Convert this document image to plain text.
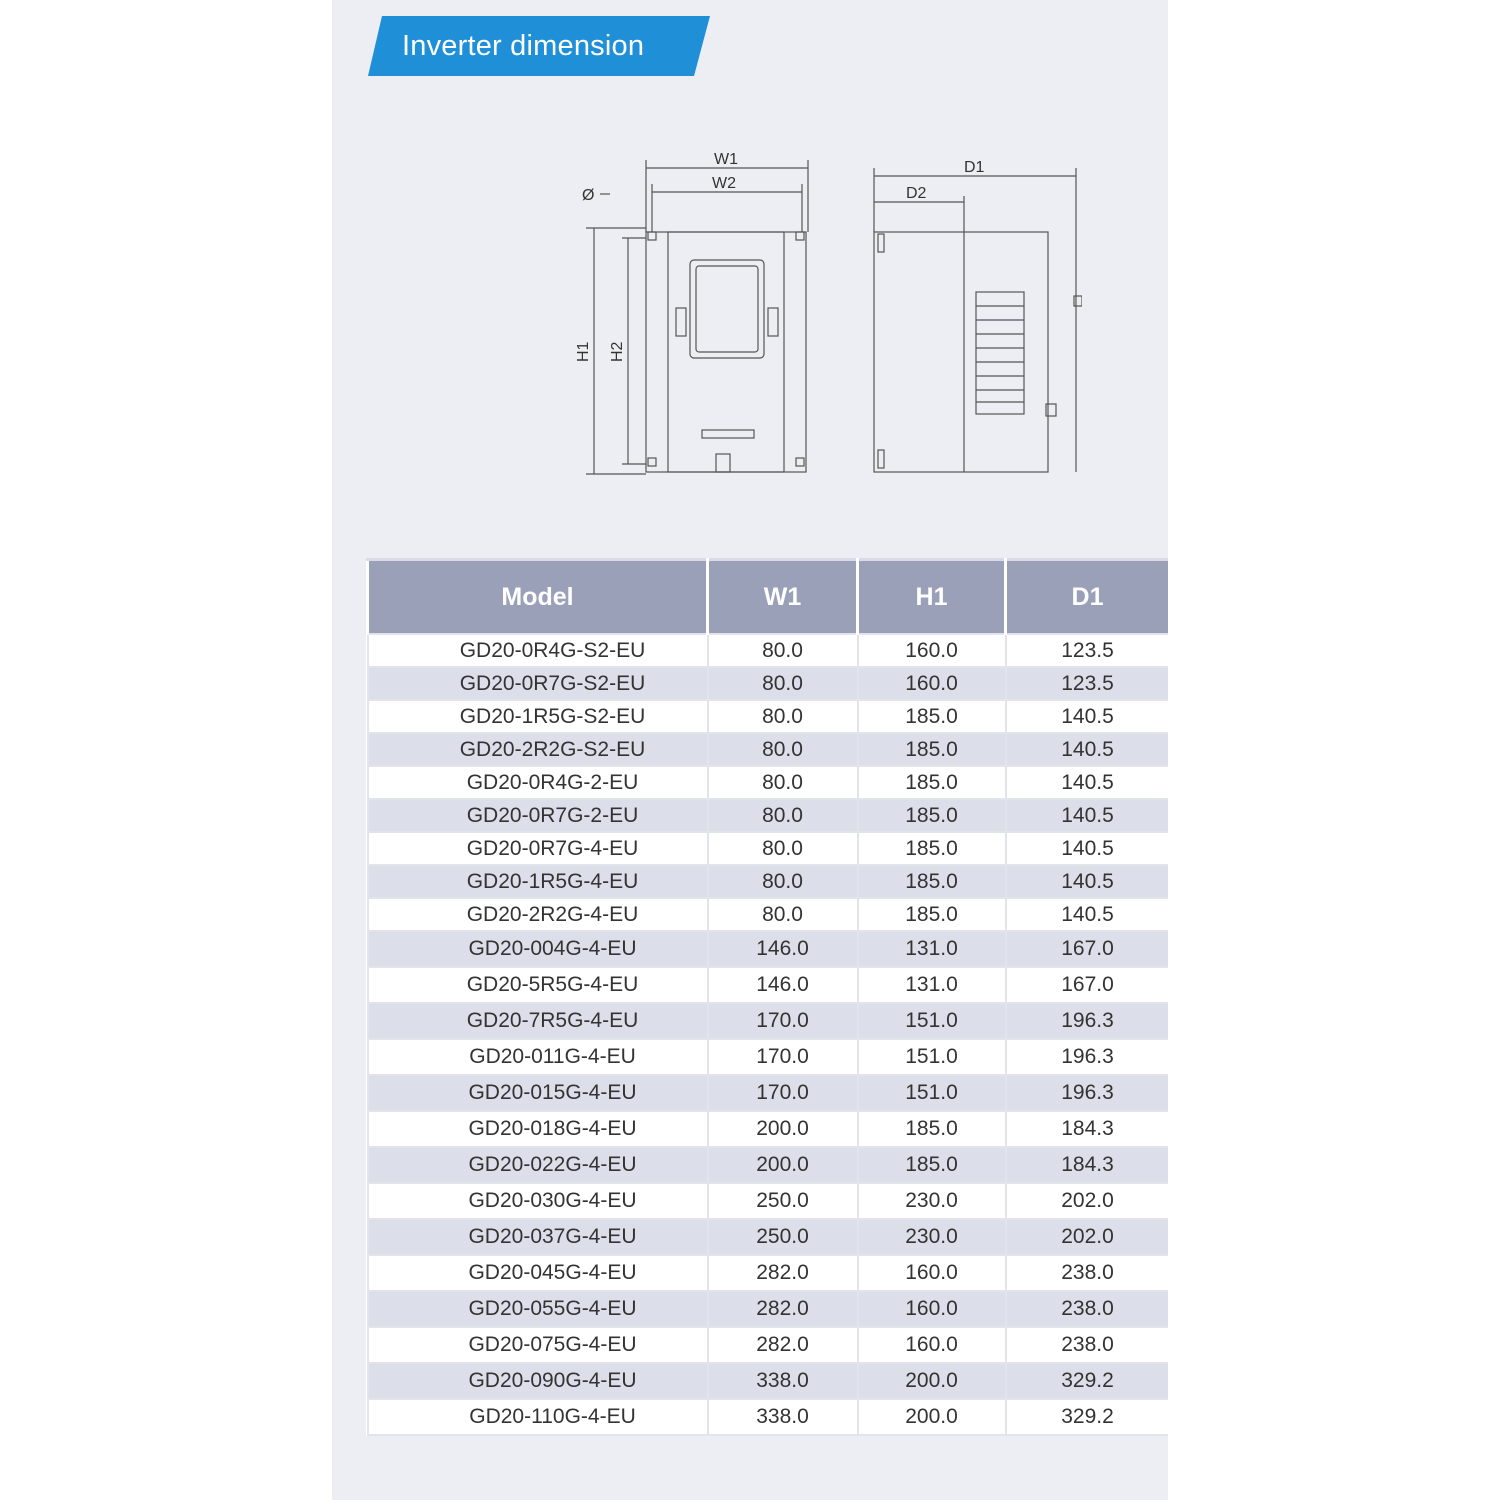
Inverter dimension
W1
W2
D1
D2
Ø
H1 H2
Model	W1	H1	D1
GD20-0R4G-S2-EU	80.0	160.0	123.5
GD20-0R7G-S2-EU	80.0	160.0	123.5
GD20-1R5G-S2-EU	80.0	185.0	140.5
GD20-2R2G-S2-EU	80.0	185.0	140.5
GD20-0R4G-2-EU	80.0	185.0	140.5
GD20-0R7G-2-EU	80.0	185.0	140.5
GD20-0R7G-4-EU	80.0	185.0	140.5
GD20-1R5G-4-EU	80.0	185.0	140.5
GD20-2R2G-4-EU	80.0	185.0	140.5
GD20-004G-4-EU	146.0	131.0	167.0
GD20-5R5G-4-EU	146.0	131.0	167.0
GD20-7R5G-4-EU	170.0	151.0	196.3
GD20-011G-4-EU	170.0	151.0	196.3
GD20-015G-4-EU	170.0	151.0	196.3
GD20-018G-4-EU	200.0	185.0	184.3
GD20-022G-4-EU	200.0	185.0	184.3
GD20-030G-4-EU	250.0	230.0	202.0
GD20-037G-4-EU	250.0	230.0	202.0
GD20-045G-4-EU	282.0	160.0	238.0
GD20-055G-4-EU	282.0	160.0	238.0
GD20-075G-4-EU	282.0	160.0	238.0
GD20-090G-4-EU	338.0	200.0	329.2
GD20-110G-4-EU	338.0	200.0	329.2
